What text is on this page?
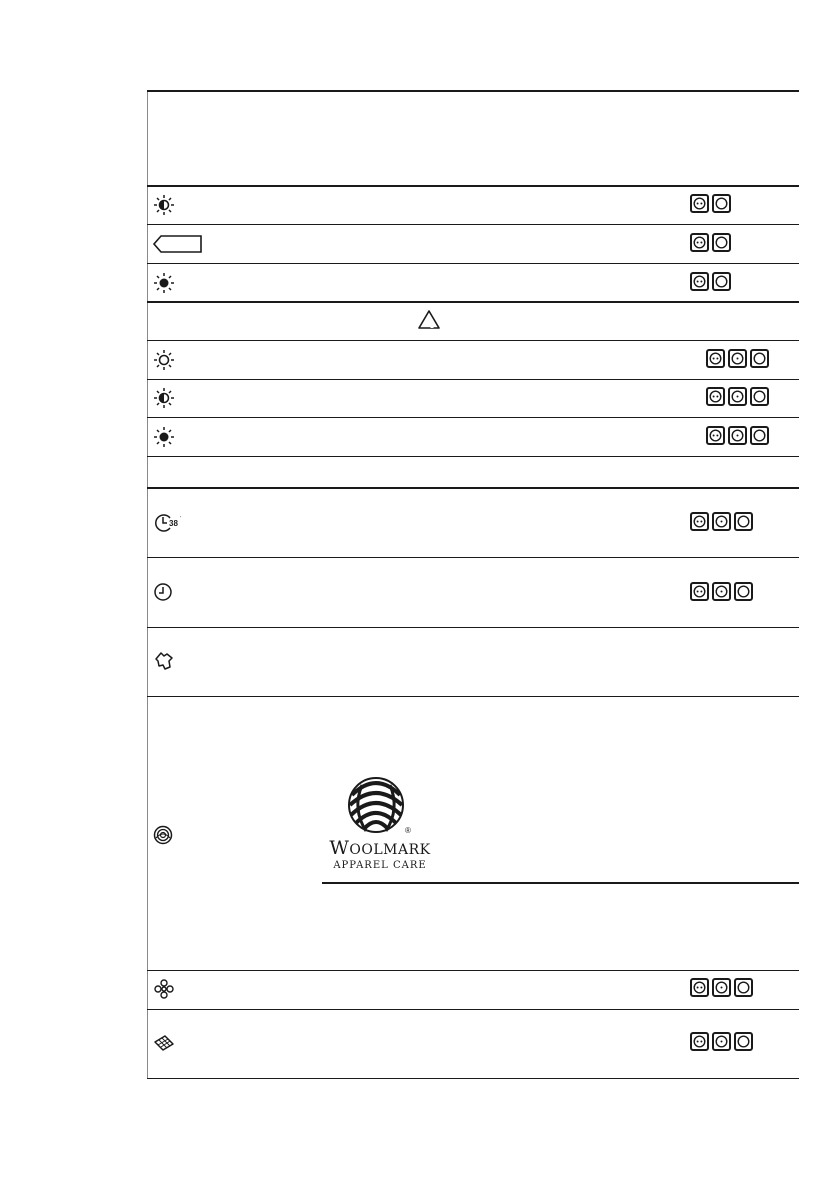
38 '
®
WOOLMARK
APPAREL CARE
